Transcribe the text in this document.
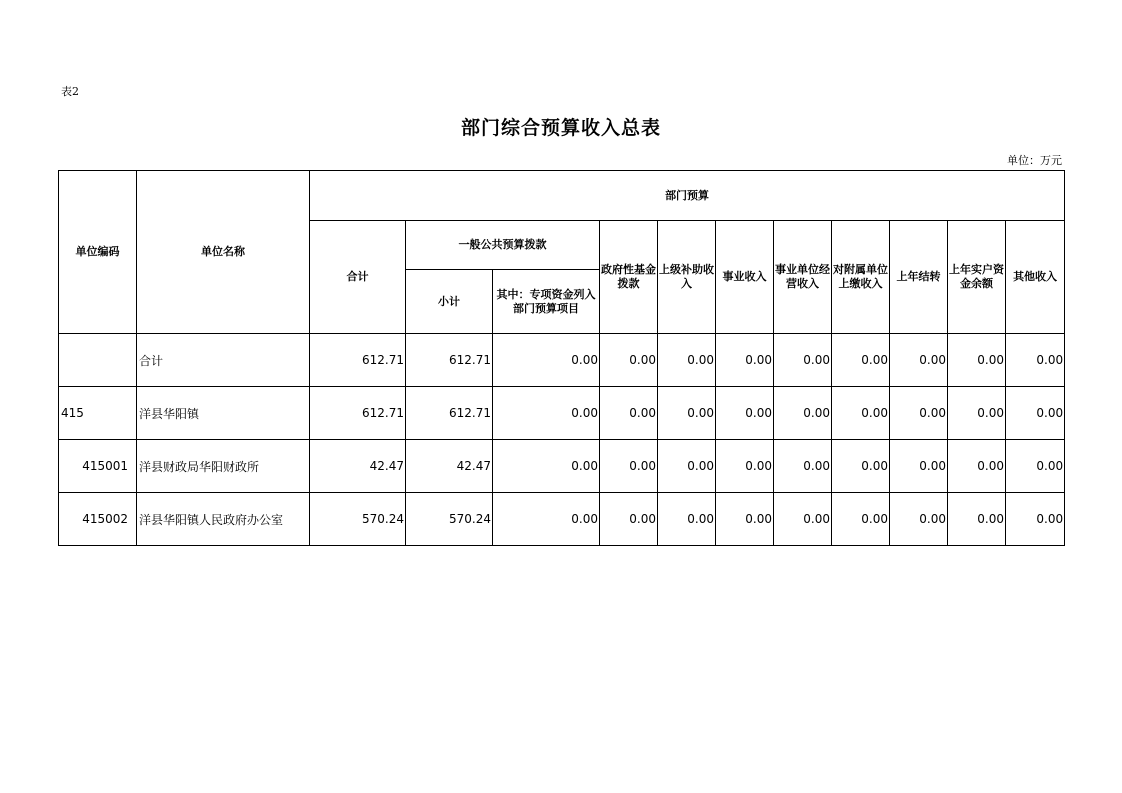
表2
部门综合预算收入总表
单位：万元
单位编码	单位名称	部门预算										
		合计	一般公共预算拨款		政府性基金拨款	上级补助收入	事业收入	事业单位经营收入	对附属单位上缴收入	上年结转	上年实户资金余额	其他收入
			小计	其中：专项资金列入部门预算项目								
	合计	612.71	612.71	0.00	0.00	0.00	0.00	0.00	0.00	0.00	0.00	0.00
415	洋县华阳镇	612.71	612.71	0.00	0.00	0.00	0.00	0.00	0.00	0.00	0.00	0.00
415001	洋县财政局华阳财政所	42.47	42.47	0.00	0.00	0.00	0.00	0.00	0.00	0.00	0.00	0.00
415002	洋县华阳镇人民政府办公室	570.24	570.24	0.00	0.00	0.00	0.00	0.00	0.00	0.00	0.00	0.00
